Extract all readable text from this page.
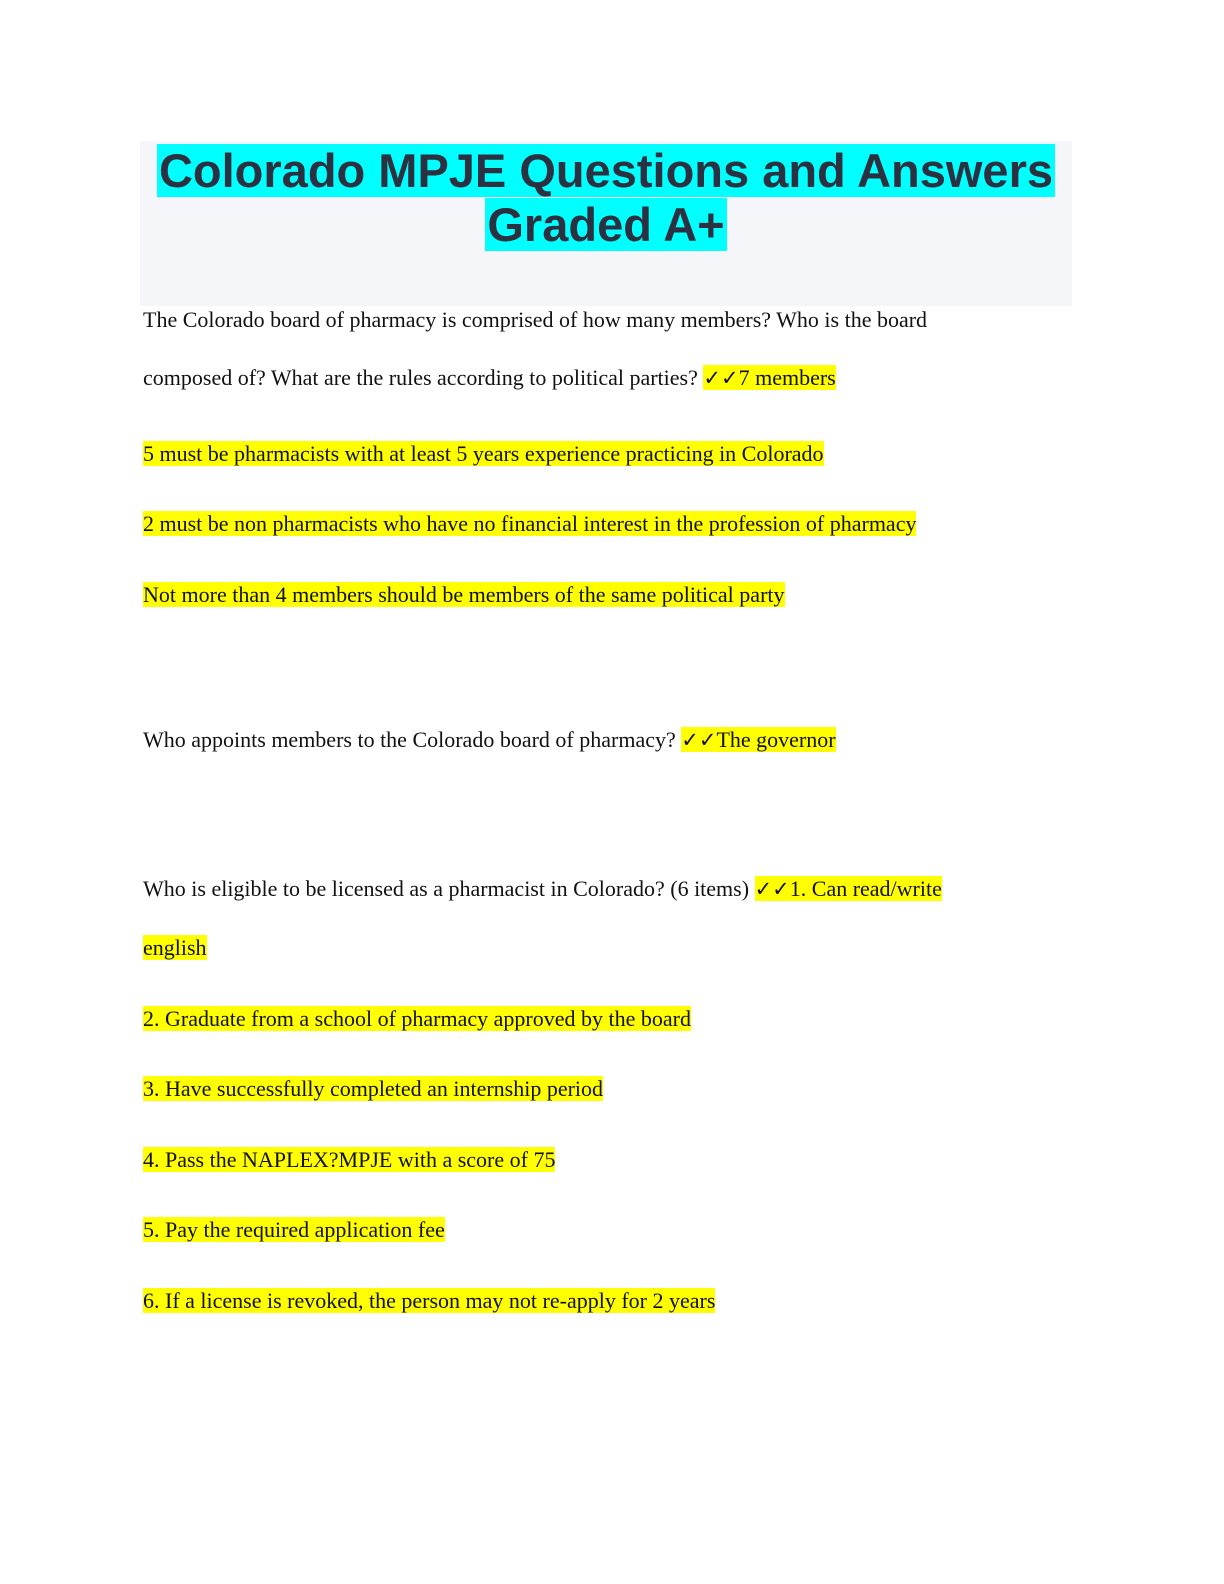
Colorado MPJE Questions and Answers

Graded A+

The Colorado board of pharmacy is comprised of how many members? Who is the board
composed of? What are the rules according to political parties? ✓✓7 members
5 must be pharmacists with at least 5 years experience practicing in Colorado
2 must be non pharmacists who have no financial interest in the profession of pharmacy
Not more than 4 members should be members of the same political party
Who appoints members to the Colorado board of pharmacy? ✓✓The governor
Who is eligible to be licensed as a pharmacist in Colorado? (6 items) ✓✓1. Can read/write
english
2. Graduate from a school of pharmacy approved by the board
3. Have successfully completed an internship period
4. Pass the NAPLEX?MPJE with a score of 75
5. Pay the required application fee
6. If a license is revoked, the person may not re-apply for 2 years
